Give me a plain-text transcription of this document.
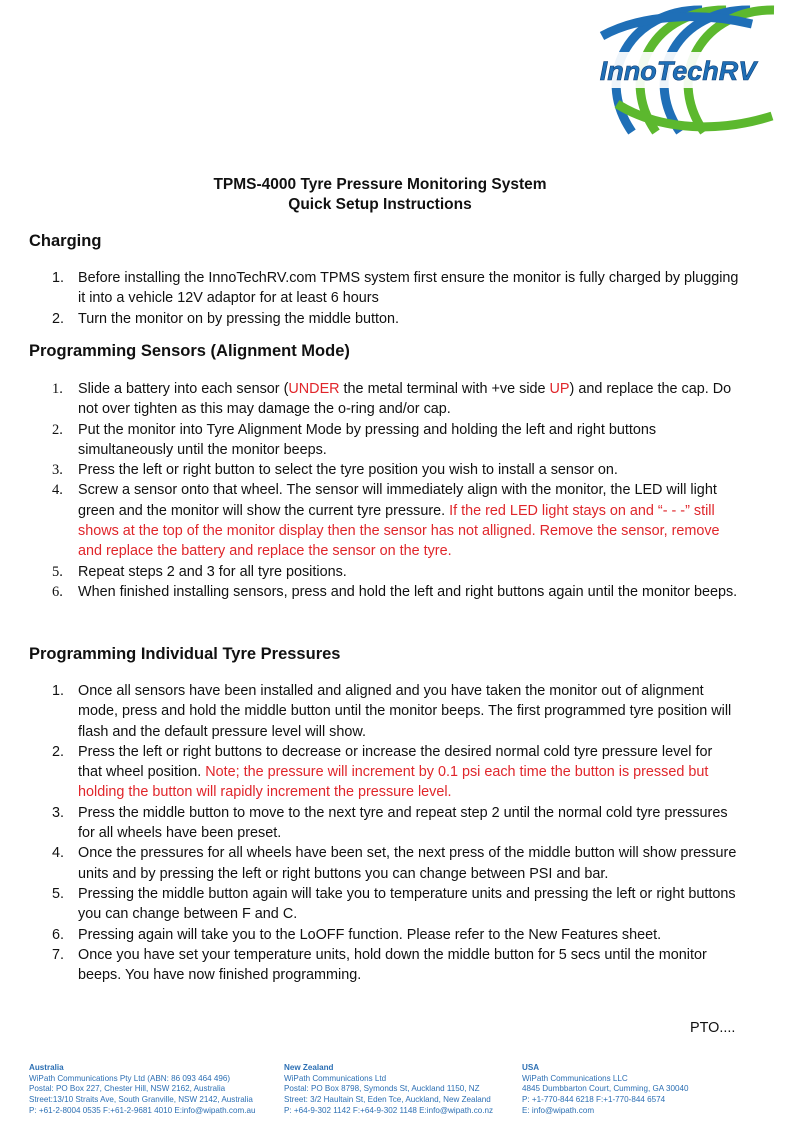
InnoTechRV
TPMS-4000 Tyre Pressure Monitoring System
Quick Setup Instructions
Charging
1. Before installing the InnoTechRV.com TPMS system first ensure the monitor is fully charged by plugging it into a vehicle 12V adaptor for at least 6 hours
2. Turn the monitor on by pressing the middle button.
Programming Sensors (Alignment Mode)
1. Slide a battery into each sensor (UNDER the metal terminal with +ve side UP) and replace the cap. Do not over tighten as this may damage the o-ring and/or cap.
2. Put the monitor into Tyre Alignment Mode by pressing and holding the left and right buttons simultaneously until the monitor beeps.
3. Press the left or right button to select the tyre position you wish to install a sensor on.
4. Screw a sensor onto that wheel. The sensor will immediately align with the monitor, the LED will light green and the monitor will show the current tyre pressure. If the red LED light stays on and “- - -” still shows at the top of the monitor display then the sensor has not alligned. Remove the sensor, remove and replace the battery and replace the sensor on the tyre.
5. Repeat steps 2 and 3 for all tyre positions.
6. When finished installing sensors, press and hold the left and right buttons again until the monitor beeps.
Programming Individual Tyre Pressures
1. Once all sensors have been installed and aligned and you have taken the monitor out of alignment mode, press and hold the middle button until the monitor beeps. The first programmed tyre position will flash and the default pressure level will show.
2. Press the left or right buttons to decrease or increase the desired normal cold tyre pressure level for that wheel position. Note; the pressure will increment by 0.1 psi each time the button is pressed but holding the button will rapidly increment the pressure level.
3. Press the middle button to move to the next tyre and repeat step 2 until the normal cold tyre pressures for all wheels have been preset.
4. Once the pressures for all wheels have been set, the next press of the middle button will show pressure units and by pressing the left or right buttons you can change between PSI and bar.
5. Pressing the middle button again will take you to temperature units and pressing the left or right buttons you can change between F and C.
6. Pressing again will take you to the LoOFF function. Please refer to the New Features sheet.
7. Once you have set your temperature units, hold down the middle button for 5 secs until the monitor beeps. You have now finished programming.
PTO....
Australia
WiPath Communications Pty Ltd (ABN: 86 093 464 496)
Postal: PO Box 227, Chester Hill, NSW 2162, Australia
Street:13/10 Straits Ave, South Granville, NSW 2142, Australia
P: +61-2-8004 0535 F:+61-2-9681 4010 E:info@wipath.com.au
New Zealand
WiPath Communications Ltd
Postal: PO Box 8798, Symonds St, Auckland 1150, NZ
Street: 3/2 Haultain St, Eden Tce, Auckland, New Zealand
P: +64-9-302 1142 F:+64-9-302 1148 E:info@wipath.co.nz
USA
WiPath Communications LLC
4845 Dumbbarton Court, Cumming, GA 30040
P: +1-770-844 6218 F:+1-770-844 6574
E: info@wipath.com
